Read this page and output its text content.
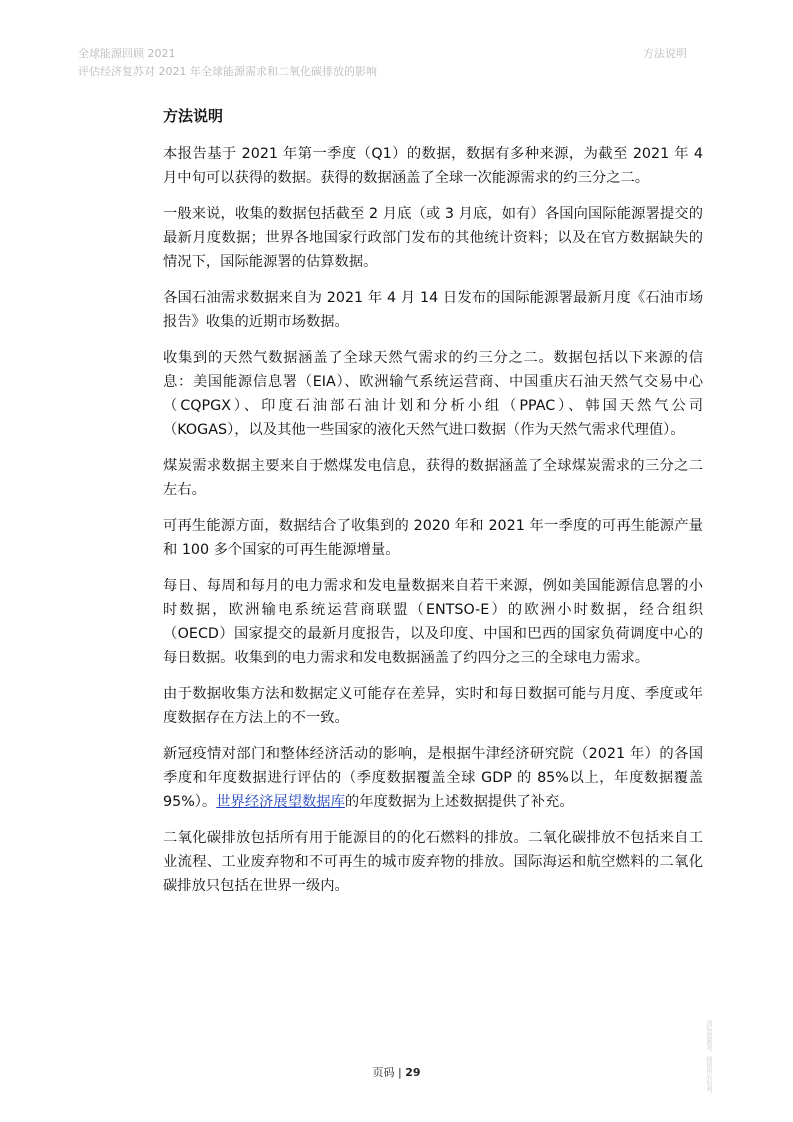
全球能源回顾 2021
评估经济复苏对 2021 年全球能源需求和二氧化碳排放的影响
方法说明

方法说明

本报告基于 2021 年第一季度（Q1）的数据，数据有多种来源，为截至 2021 年 4 月中旬可以获得的数据。获得的数据涵盖了全球一次能源需求的约三分之二。

一般来说，收集的数据包括截至 2 月底（或 3 月底，如有）各国向国际能源署提交的最新月度数据；世界各地国家行政部门发布的其他统计资料；以及在官方数据缺失的情况下，国际能源署的估算数据。

各国石油需求数据来自为 2021 年 4 月 14 日发布的国际能源署最新月度《石油市场报告》收集的近期市场数据。

收集到的天然气数据涵盖了全球天然气需求的约三分之二。数据包括以下来源的信息：美国能源信息署（EIA）、欧洲输气系统运营商、中国重庆石油天然气交易中心（CQPGX）、印度石油部石油计划和分析小组（PPAC）、韩国天然气公司（KOGAS），以及其他一些国家的液化天然气进口数据（作为天然气需求代理值）。

煤炭需求数据主要来自于燃煤发电信息，获得的数据涵盖了全球煤炭需求的三分之二左右。

可再生能源方面，数据结合了收集到的 2020 年和 2021 年一季度的可再生能源产量和 100 多个国家的可再生能源增量。

每日、每周和每月的电力需求和发电量数据来自若干来源，例如美国能源信息署的小时数据，欧洲输电系统运营商联盟（ENTSO-E）的欧洲小时数据，经合组织（OECD）国家提交的最新月度报告，以及印度、中国和巴西的国家负荷调度中心的每日数据。收集到的电力需求和发电数据涵盖了约四分之三的全球电力需求。

由于数据收集方法和数据定义可能存在差异，实时和每日数据可能与月度、季度或年度数据存在方法上的不一致。

新冠疫情对部门和整体经济活动的影响，是根据牛津经济研究院（2021 年）的各国季度和年度数据进行评估的（季度数据覆盖全球 GDP 的 85%以上，年度数据覆盖 95%）。世界经济展望数据库的年度数据为上述数据提供了补充。

二氧化碳排放包括所有用于能源目的的化石燃料的排放。二氧化碳排放不包括来自工业流程、工业废弃物和不可再生的城市废弃物的排放。国际海运和航空燃料的二氧化碳排放只包括在世界一级内。

页码 | 29	国际能源署。保留所有权利。
